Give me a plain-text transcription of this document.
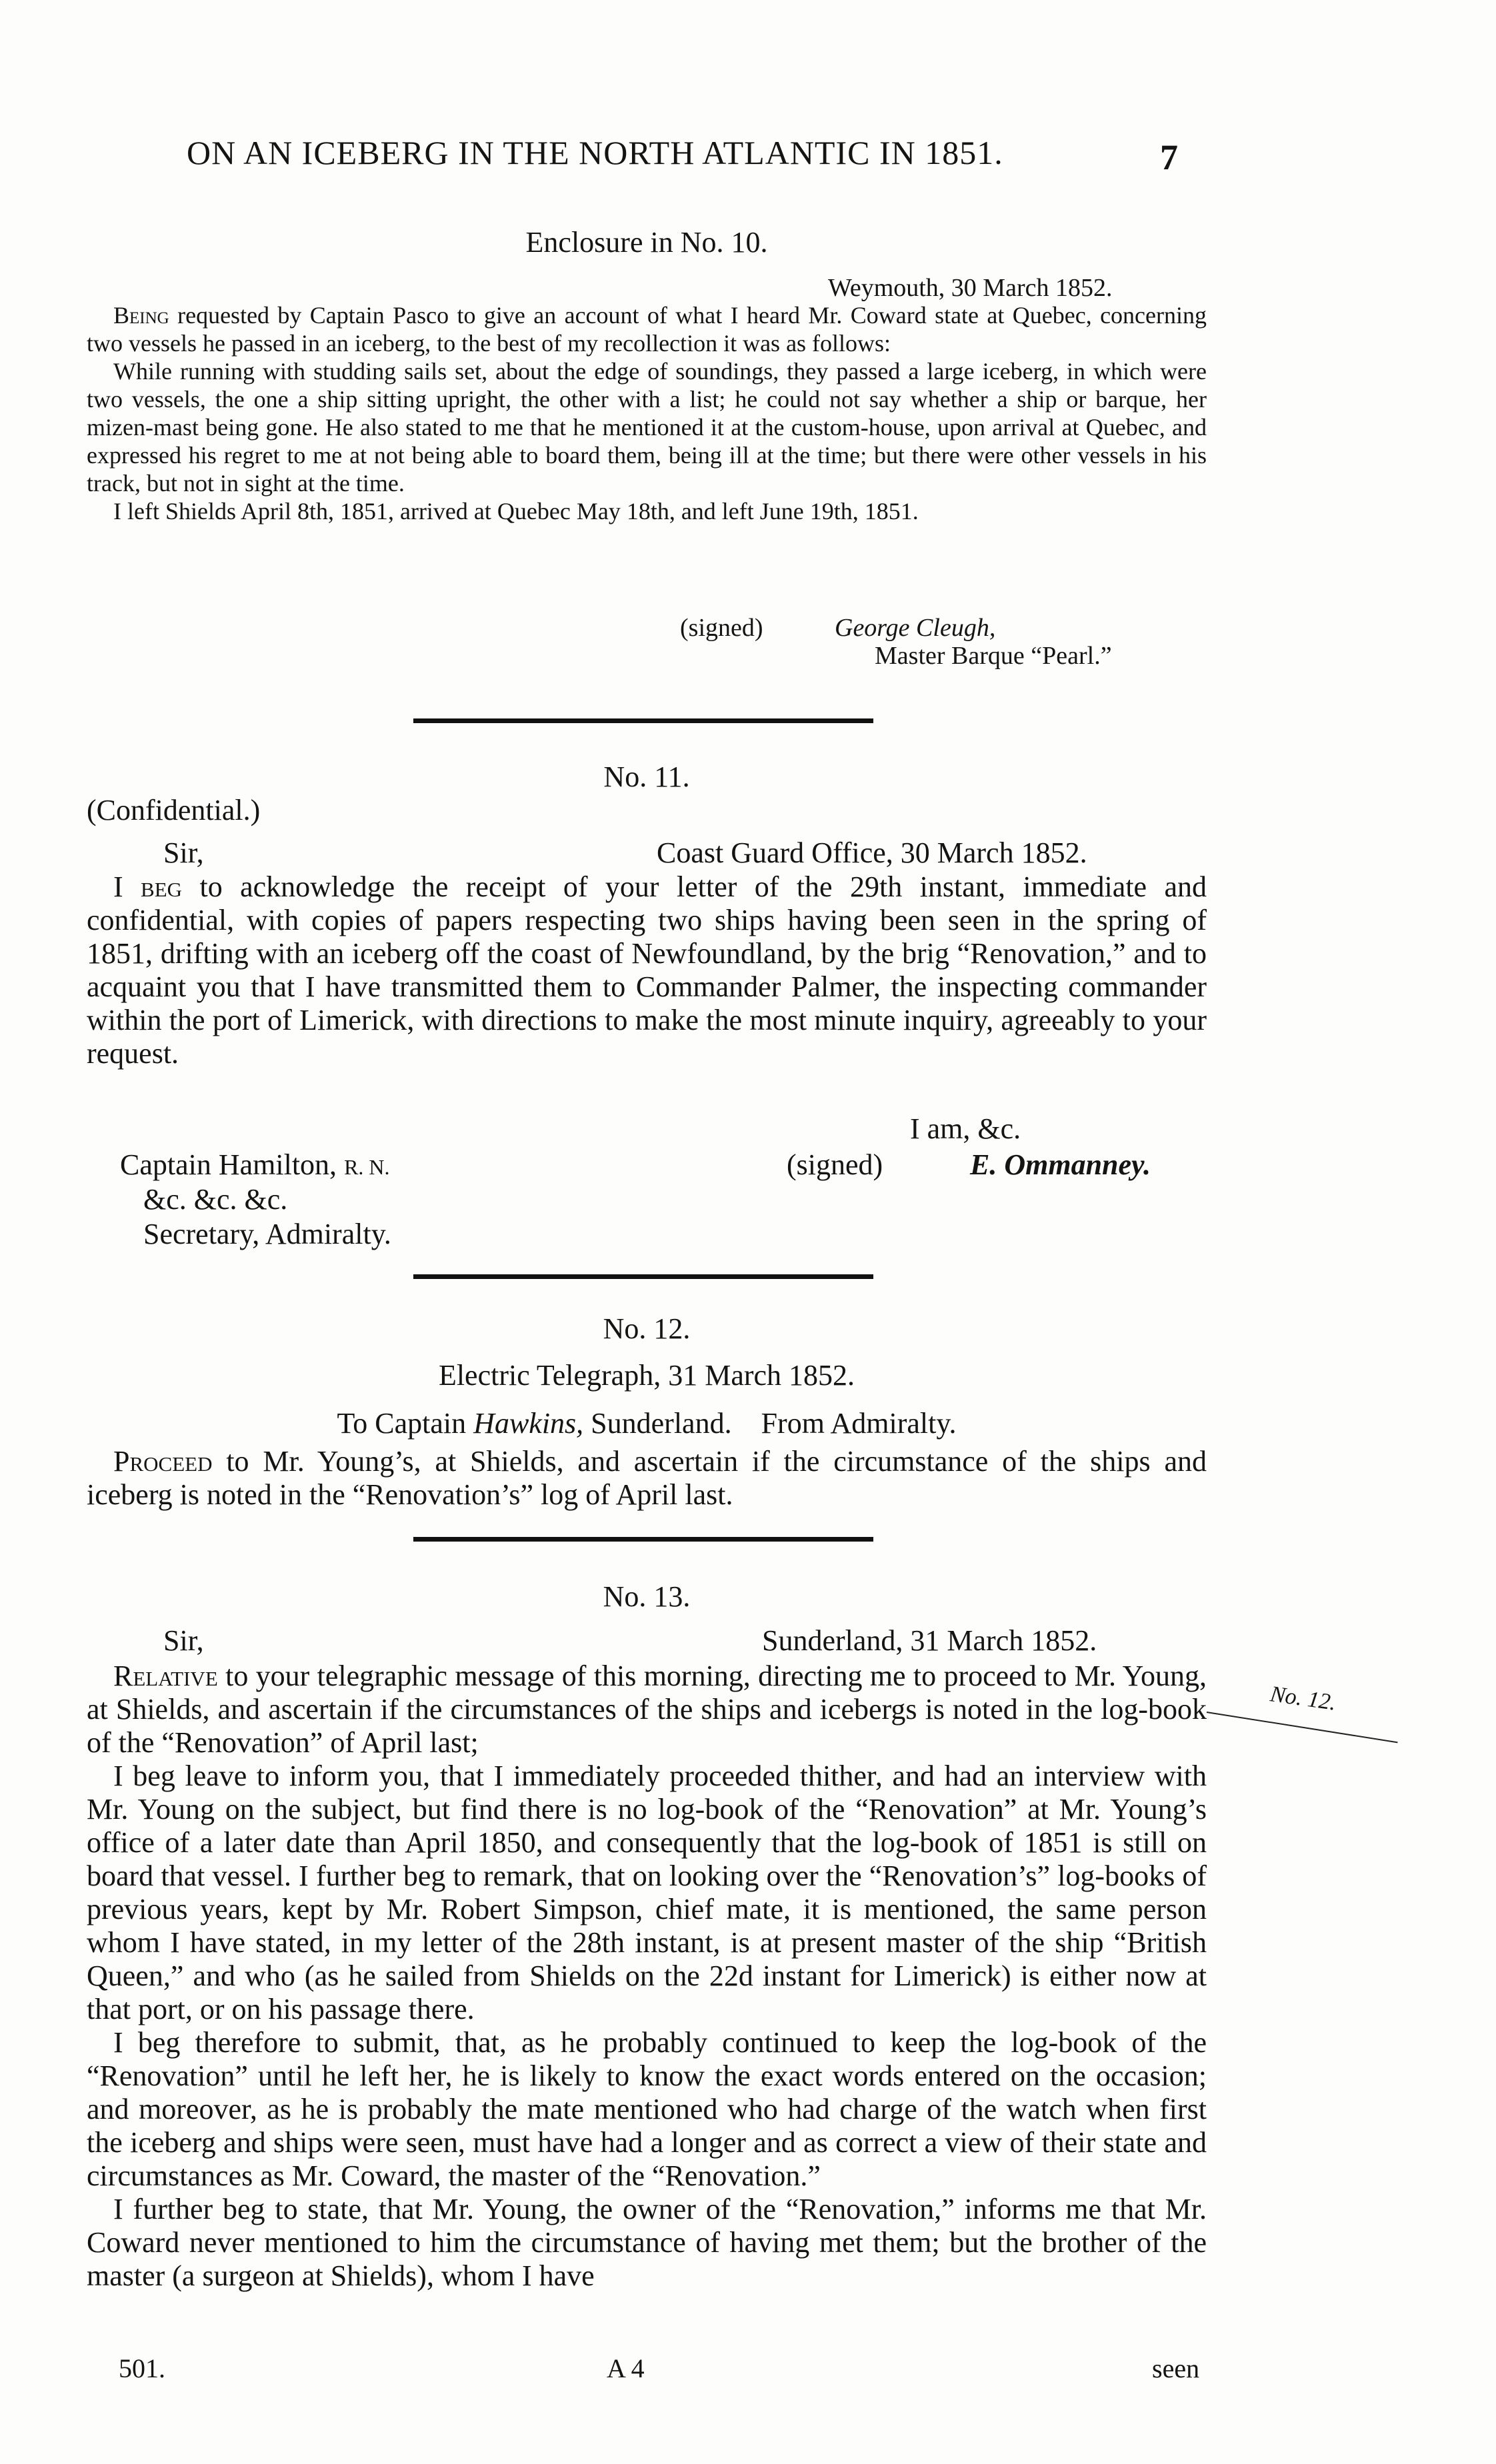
ON AN ICEBERG IN THE NORTH ATLANTIC IN 1851.	7
Enclosure in No. 10.
Weymouth, 30 March 1852.

Being requested by Captain Pasco to give an account of what I heard Mr. Coward state at Quebec, concerning two vessels he passed in an iceberg, to the best of my recollection it was as follows:

While running with studding sails set, about the edge of soundings, they passed a large iceberg, in which were two vessels, the one a ship sitting upright, the other with a list; he could not say whether a ship or barque, her mizen-mast being gone. He also stated to me that he mentioned it at the custom-house, upon arrival at Quebec, and expressed his regret to me at not being able to board them, being ill at the time; but there were other vessels in his track, but not in sight at the time.

I left Shields April 8th, 1851, arrived at Quebec May 18th, and left June 19th, 1851.

(signed)	George Cleugh,
Master Barque “Pearl.”
No. 11.
(Confidential.)
Sir,	Coast Guard Office, 30 March 1852.

I beg to acknowledge the receipt of your letter of the 29th instant, immediate and confidential, with copies of papers respecting two ships having been seen in the spring of 1851, drifting with an iceberg off the coast of Newfoundland, by the brig “Renovation,” and to acquaint you that I have transmitted them to Commander Palmer, the inspecting commander within the port of Limerick, with directions to make the most minute inquiry, agreeably to your request.

I am, &c.
Captain Hamilton, R. N.	(signed)	E. Ommanney.
&c. &c. &c.
Secretary, Admiralty.
No. 12.
Electric Telegraph, 31 March 1852.
To Captain Hawkins, Sunderland. From Admiralty.

Proceed to Mr. Young’s, at Shields, and ascertain if the circumstance of the ships and iceberg is noted in the “Renovation’s” log of April last.

No. 13.
Sir,	Sunderland, 31 March 1852.

Relative to your telegraphic message of this morning, directing me to proceed to Mr. Young, at Shields, and ascertain if the circumstances of the ships and icebergs is noted in the log-book of the “Renovation” of April last;

I beg leave to inform you, that I immediately proceeded thither, and had an interview with Mr. Young on the subject, but find there is no log-book of the “Renovation” at Mr. Young’s office of a later date than April 1850, and consequently that the log-book of 1851 is still on board that vessel. I further beg to remark, that on looking over the “Renovation’s” log-books of previous years, kept by Mr. Robert Simpson, chief mate, it is mentioned, the same person whom I have stated, in my letter of the 28th instant, is at present master of the ship “British Queen,” and who (as he sailed from Shields on the 22d instant for Limerick) is either now at that port, or on his passage there.

I beg therefore to submit, that, as he probably continued to keep the log-book of the “Renovation” until he left her, he is likely to know the exact words entered on the occasion; and moreover, as he is probably the mate mentioned who had charge of the watch when first the iceberg and ships were seen, must have had a longer and as correct a view of their state and circumstances as Mr. Coward, the master of the “Renovation.”

I further beg to state, that Mr. Young, the owner of the “Renovation,” informs me that Mr. Coward never mentioned to him the circumstance of having met them; but the brother of the master (a surgeon at Shields), whom I have

No. 12.
501.	A 4	seen
